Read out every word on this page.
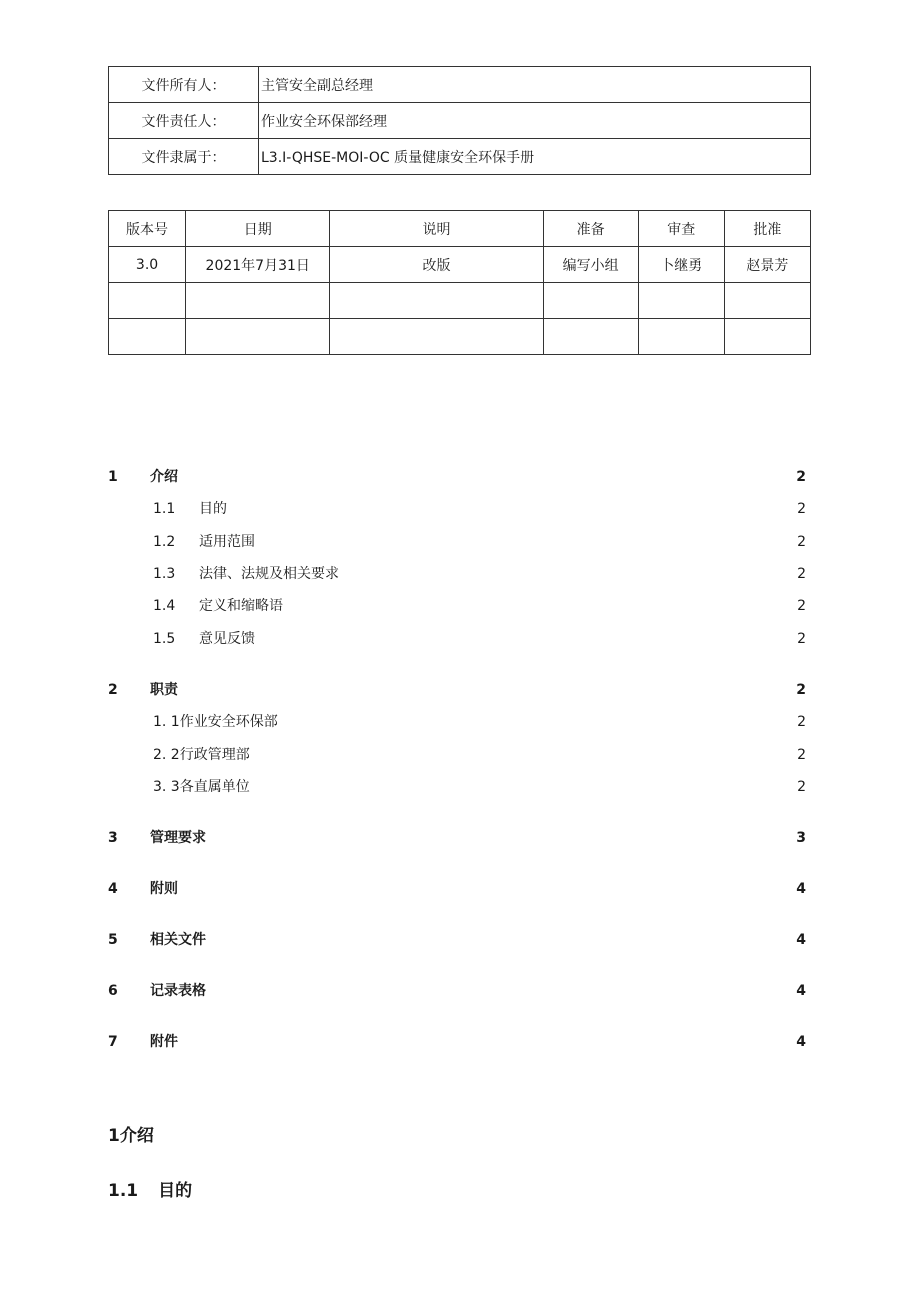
文件所有人：	主管安全副总经理
文件责任人：	作业安全环保部经理
文件隶属于：	L3.I-QHSE-MOI-OC 质量健康安全环保手册
版本号	日期	说明	准备	审查	批准
3.0	2021年7月31日	改版	编写小组	卜继勇	赵景芳

1 介绍	2
1.1 目的	2
1.2 适用范围	2
1.3 法律、法规及相关要求	2
1.4 定义和缩略语	2
1.5 意见反馈	2
2 职责	2
1. 1作业安全环保部	2
2. 2行政管理部	2
3. 3各直属单位	2
3 管理要求	3
4 附则	4
5 相关文件	4
6 记录表格	4
7 附件	4
1介绍
1.1 目的
